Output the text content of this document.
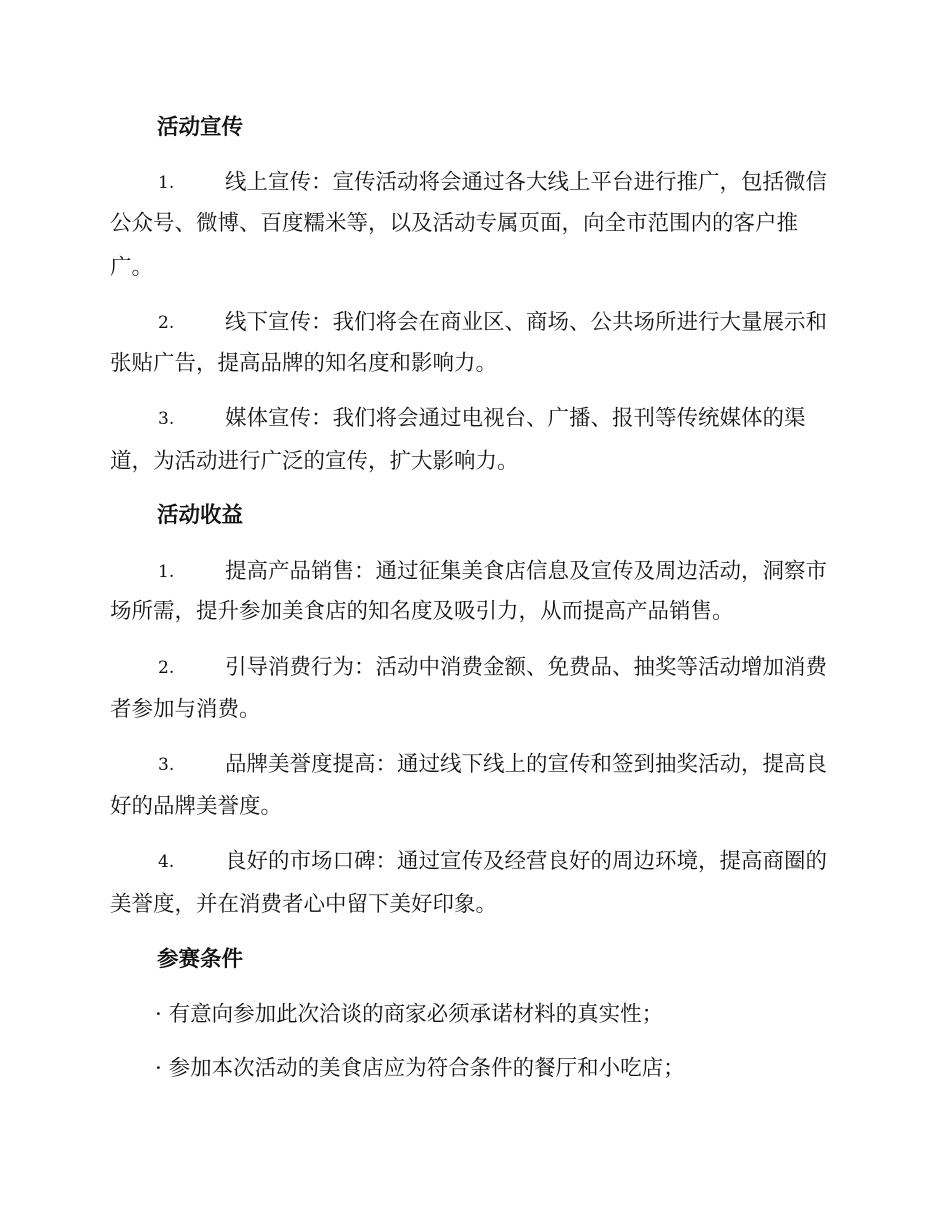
活动宣传
1. 线上宣传：宣传活动将会通过各大线上平台进行推广，包括微信
公众号、微博、百度糯米等，以及活动专属页面，向全市范围内的客户推
广。
2. 线下宣传：我们将会在商业区、商场、公共场所进行大量展示和
张贴广告，提高品牌的知名度和影响力。
3. 媒体宣传：我们将会通过电视台、广播、报刊等传统媒体的渠
道，为活动进行广泛的宣传，扩大影响力。
活动收益
1. 提高产品销售：通过征集美食店信息及宣传及周边活动，洞察市
场所需，提升参加美食店的知名度及吸引力，从而提高产品销售。
2. 引导消费行为：活动中消费金额、免费品、抽奖等活动增加消费
者参加与消费。
3. 品牌美誉度提高：通过线下线上的宣传和签到抽奖活动，提高良
好的品牌美誉度。
4. 良好的市场口碑：通过宣传及经营良好的周边环境，提高商圈的
美誉度，并在消费者心中留下美好印象。
参赛条件
· 有意向参加此次洽谈的商家必须承诺材料的真实性；
· 参加本次活动的美食店应为符合条件的餐厅和小吃店；
